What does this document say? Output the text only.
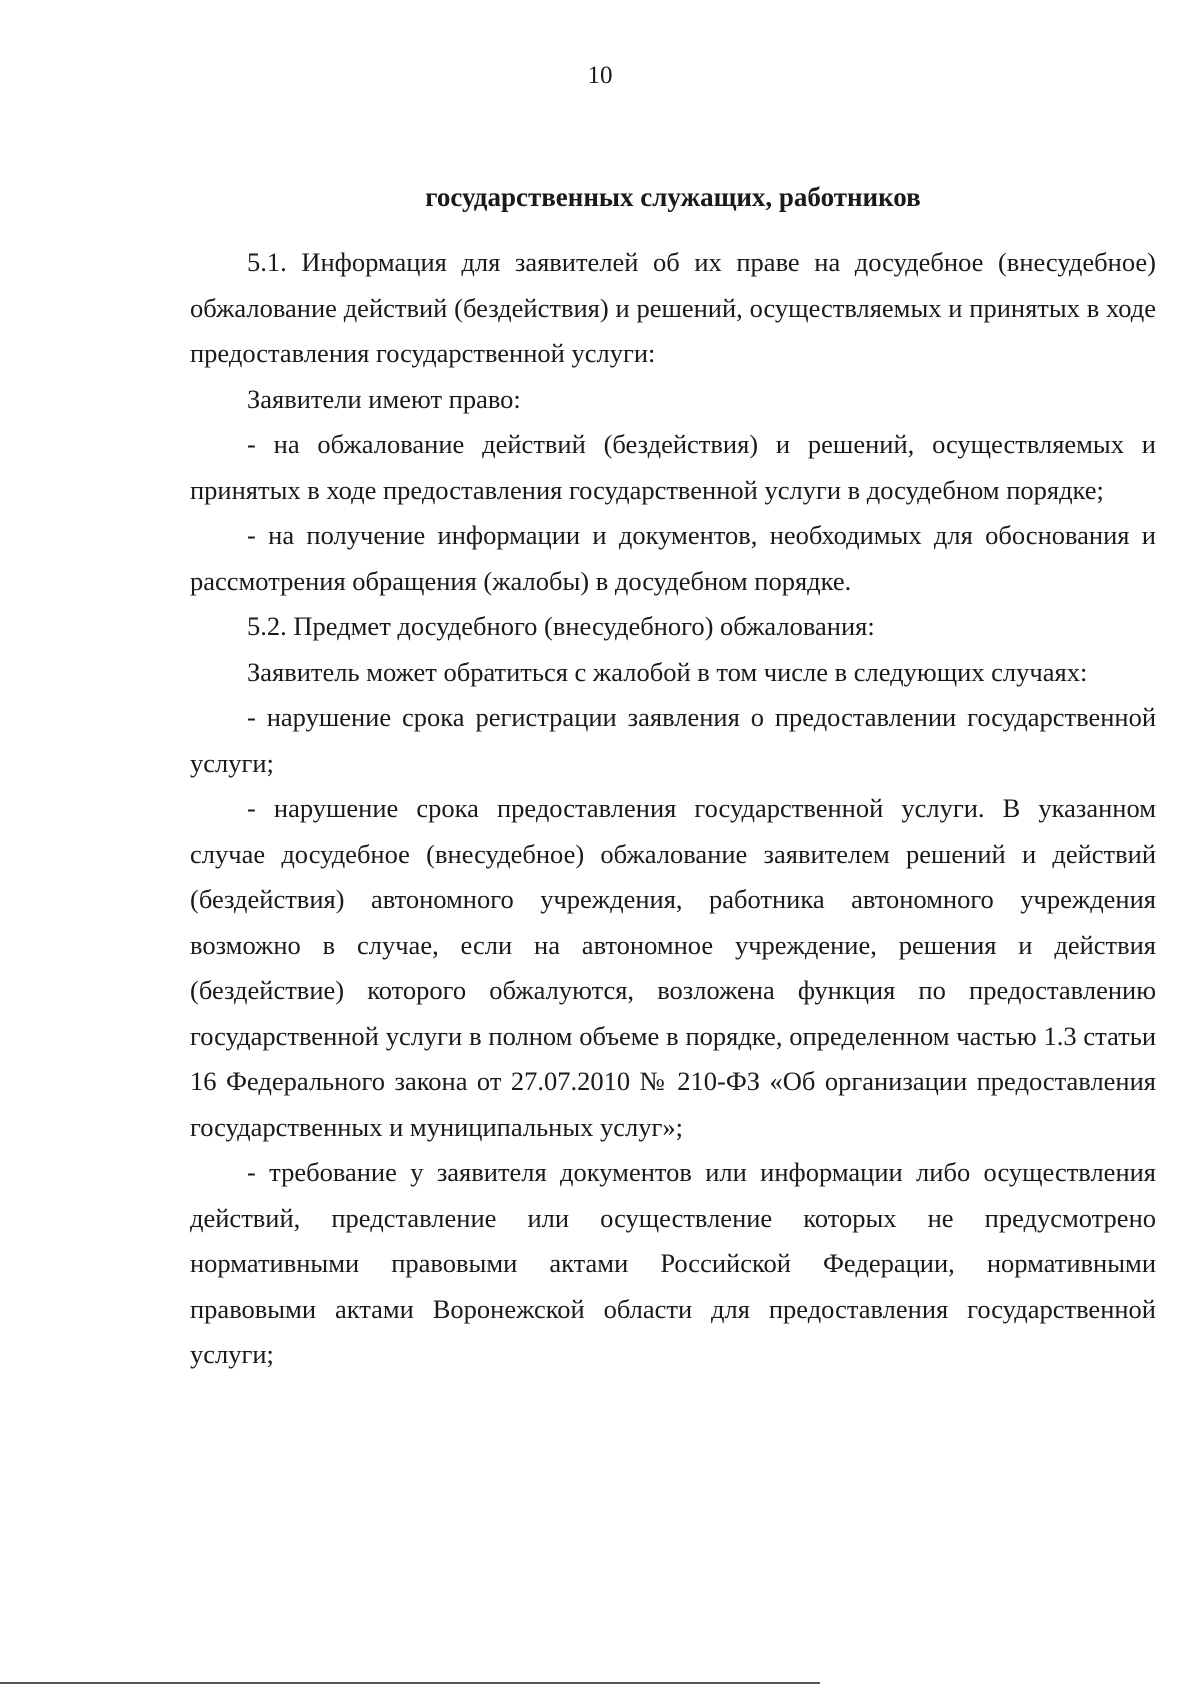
10
государственных служащих, работников

5.1. Информация для заявителей об их праве на досудебное (внесудебное) обжалование действий (бездействия) и решений, осуществляемых и принятых в ходе предоставления государственной услуги:

Заявители имеют право:

- на обжалование действий (бездействия) и решений, осуществляемых и принятых в ходе предоставления государственной услуги в досудебном порядке;

- на получение информации и документов, необходимых для обоснования и рассмотрения обращения (жалобы) в досудебном порядке.

5.2. Предмет досудебного (внесудебного) обжалования:

Заявитель может обратиться с жалобой в том числе в следующих случаях:

- нарушение срока регистрации заявления о предоставлении государственной услуги;

- нарушение срока предоставления государственной услуги. В указанном случае досудебное (внесудебное) обжалование заявителем решений и действий (бездействия) автономного учреждения, работника автономного учреждения возможно в случае, если на автономное учреждение, решения и действия (бездействие) которого обжалуются, возложена функция по предоставлению государственной услуги в полном объеме в порядке, определенном частью 1.3 статьи 16 Федерального закона от 27.07.2010 № 210-ФЗ «Об организации предоставления государственных и муниципальных услуг»;

- требование у заявителя документов или информации либо осуществления действий, представление или осуществление которых не предусмотрено нормативными правовыми актами Российской Федерации, нормативными правовыми актами Воронежской области для предоставления государственной услуги;
